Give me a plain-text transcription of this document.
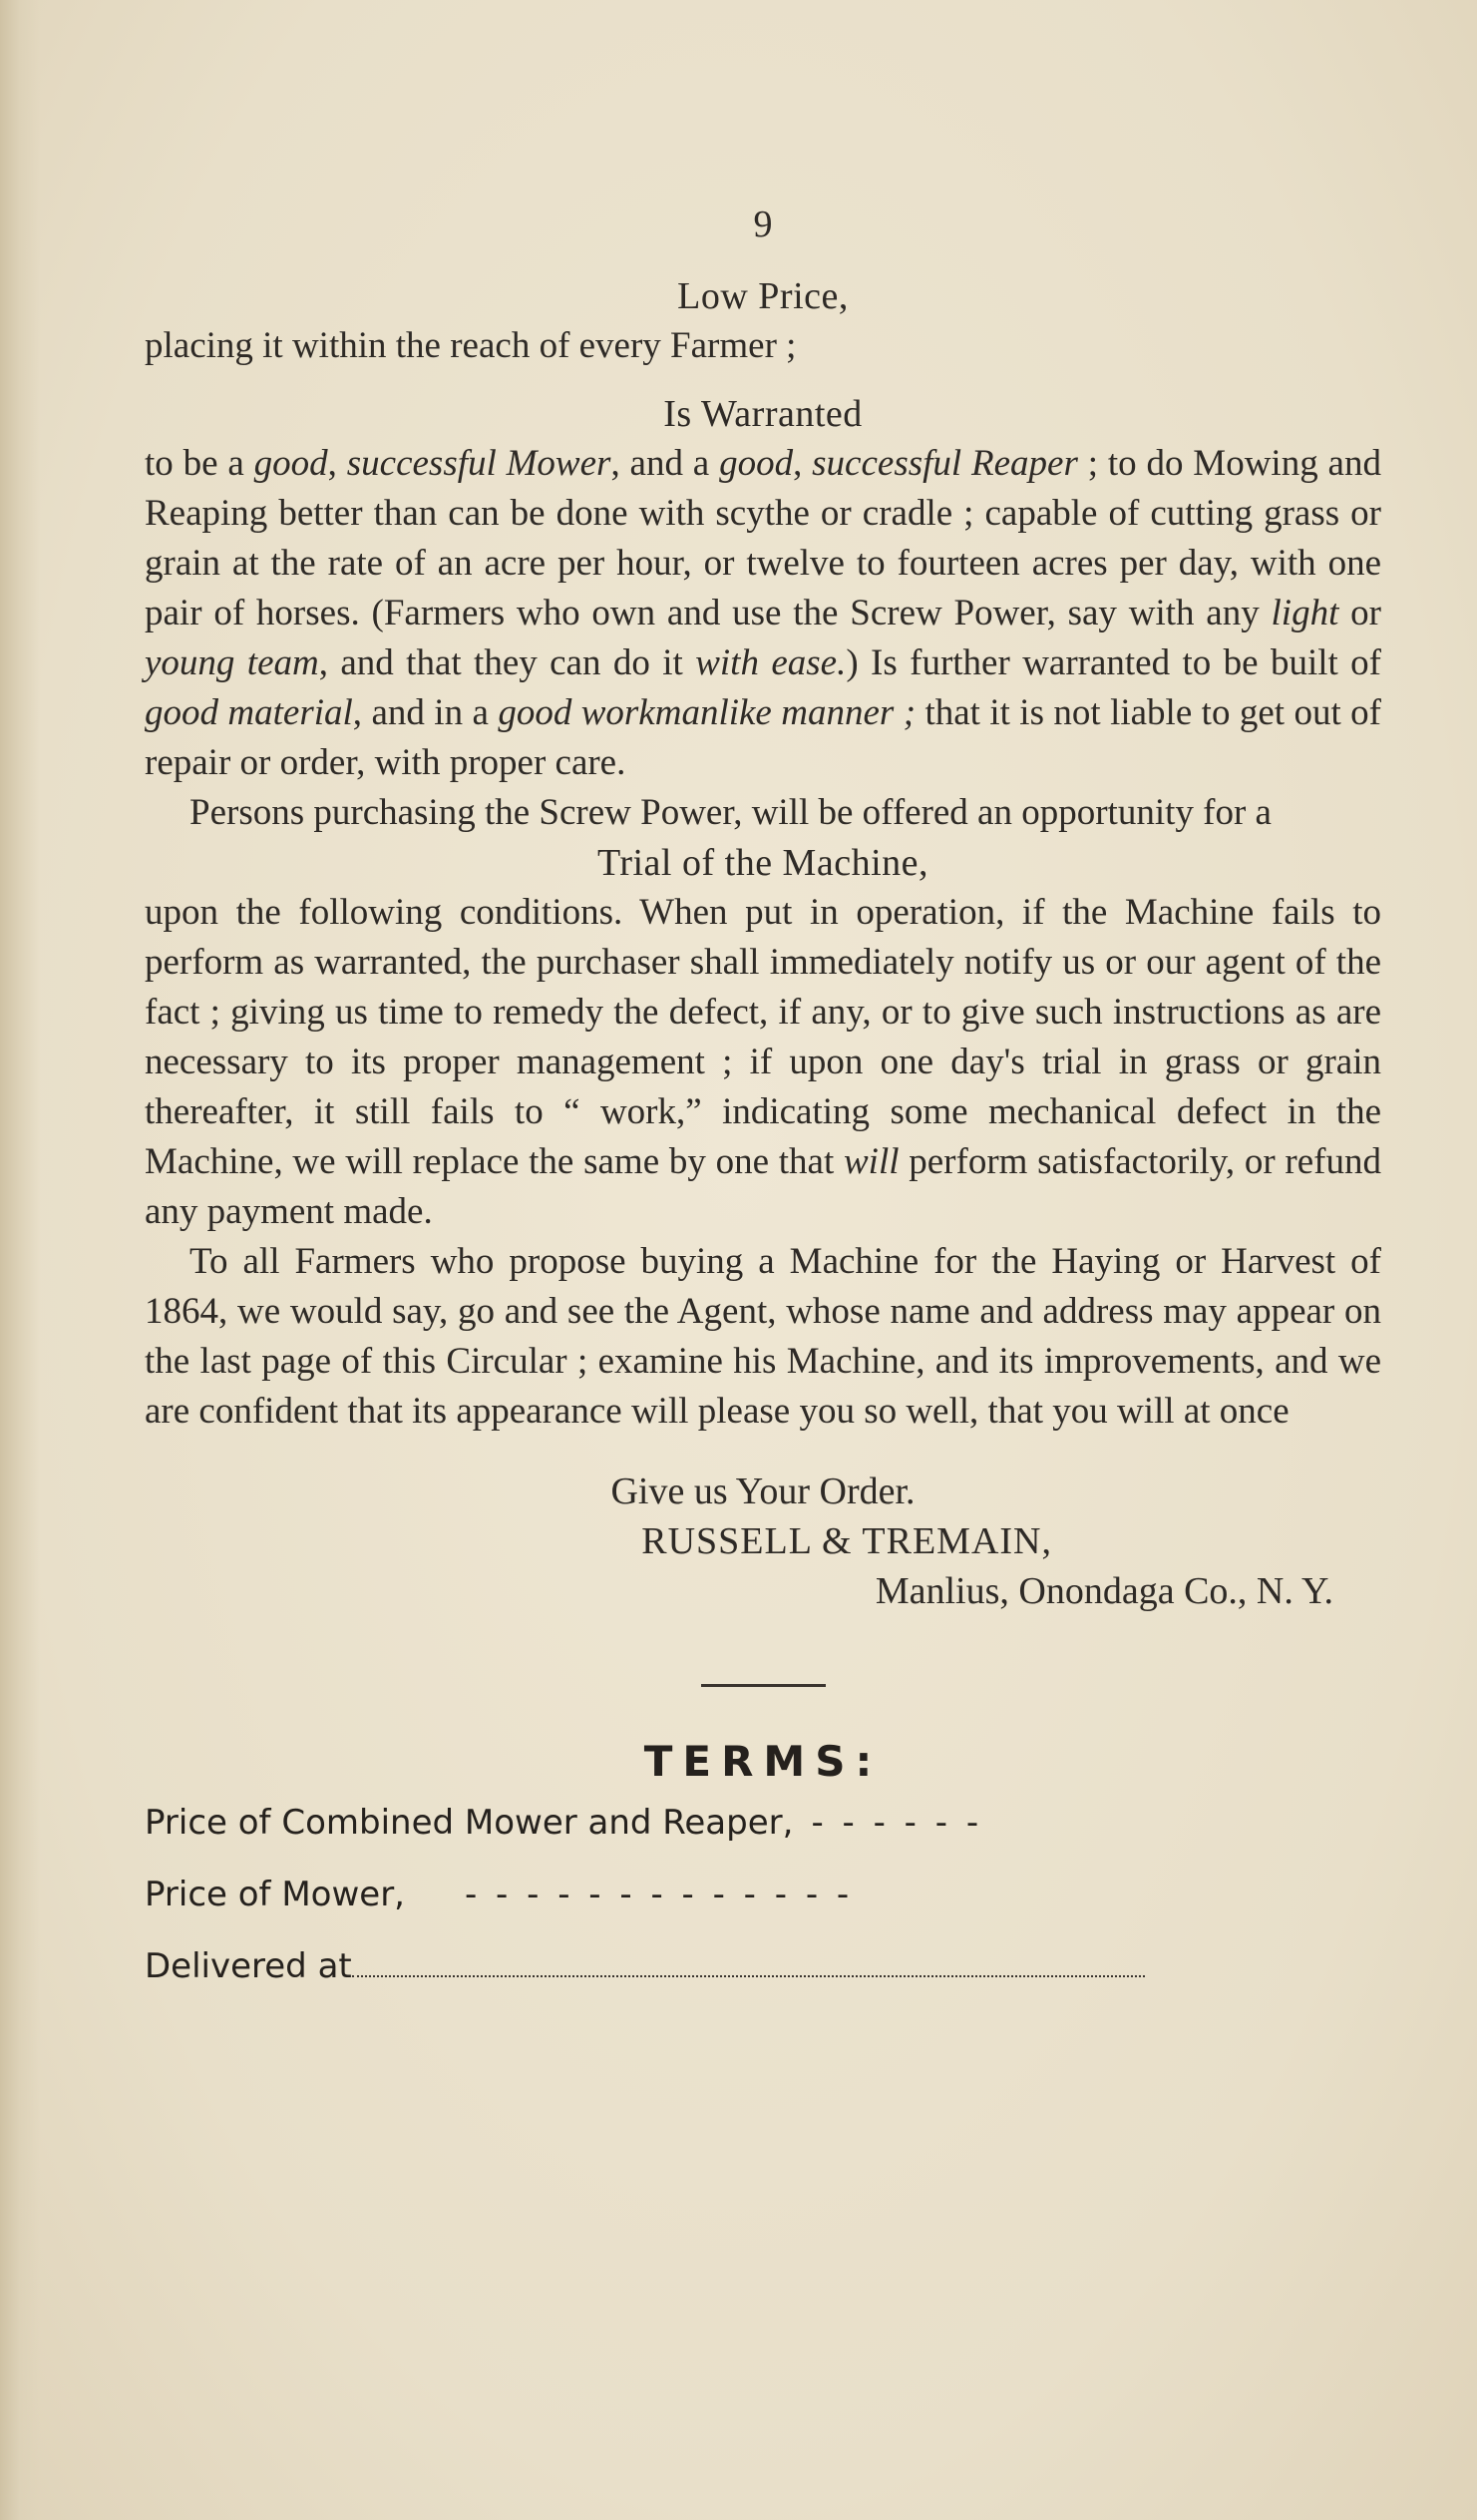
9
Low Price,

placing it within the reach of every Farmer ;

Is Warranted

to be a good, successful Mower, and a good, successful Reaper ; to do Mowing and Reaping better than can be done with scythe or cradle ; capable of cutting grass or grain at the rate of an acre per hour, or twelve to fourteen acres per day, with one pair of horses. (Farmers who own and use the Screw Power, say with any light or young team, and that they can do it with ease.) Is further warranted to be built of good material, and in a good workmanlike manner ; that it is not liable to get out of repair or order, with proper care.

Persons purchasing the Screw Power, will be offered an opportunity for a

Trial of the Machine,

upon the following conditions. When put in operation, if the Machine fails to perform as warranted, the purchaser shall immediately notify us or our agent of the fact ; giving us time to remedy the defect, if any, or to give such instructions as are necessary to its proper management ; if upon one day's trial in grass or grain thereafter, it still fails to “ work,” indicating some mechanical defect in the Machine, we will replace the same by one that will perform satisfactorily, or refund any payment made.

To all Farmers who propose buying a Machine for the Haying or Harvest of 1864, we would say, go and see the Agent, whose name and address may appear on the last page of this Circular ; examine his Machine, and its improvements, and we are confident that its appearance will please you so well, that you will at once

Give us Your Order.
RUSSELL & TREMAIN,
Manlius, Onondaga Co., N. Y.
TERMS:
Price of Combined Mower and Reaper, - - - - - -
Price of Mower, - - - - - - - - - - - - -
Delivered at
